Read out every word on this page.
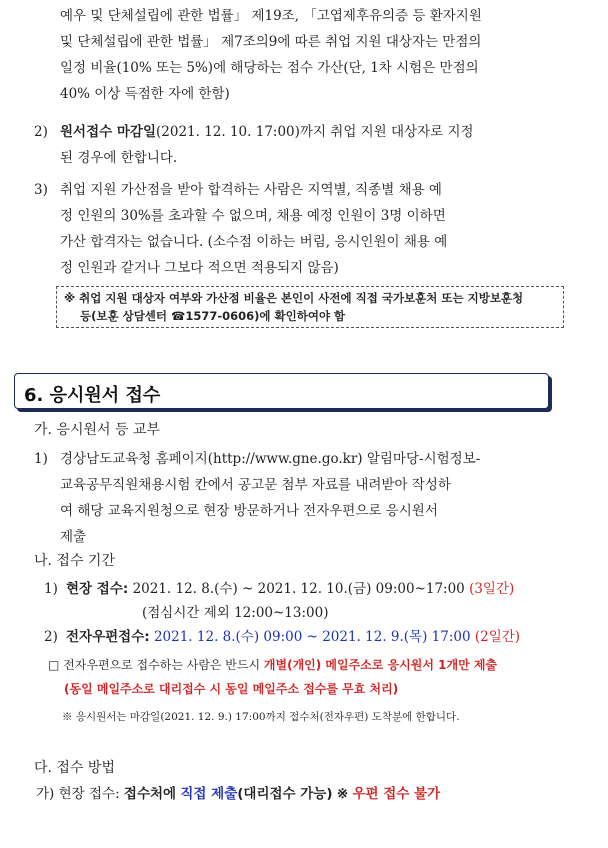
예우 및 단체설립에 관한 법률」 제19조, 「고엽제후유의증 등 환자지원
및 단체설립에 관한 법률」 제7조의9에 따른 취업 지원 대상자는 만점의
일정 비율(10% 또는 5%)에 해당하는 점수 가산(단, 1차 시험은 만점의
40% 이상 득점한 자에 한함)
2) 원서접수 마감일(2021. 12. 10. 17:00)까지 취업 지원 대상자로 지정
된 경우에 한합니다.
3) 취업 지원 가산점을 받아 합격하는 사람은 지역별, 직종별 채용 예
정 인원의 30%를 초과할 수 없으며, 채용 예정 인원이 3명 이하면
가산 합격자는 없습니다. (소수점 이하는 버림, 응시인원이 채용 예
정 인원과 같거나 그보다 적으면 적용되지 않음)
※ 취업 지원 대상자 여부와 가산점 비율은 본인이 사전에 직접 국가보훈처 또는 지방보훈청
등(보훈 상담센터 ☎1577-0606)에 확인하여야 함
6. 응시원서 접수
가. 응시원서 등 교부
1) 경상남도교육청 홈페이지(http://www.gne.go.kr) 알림마당-시험정보-
교육공무직원채용시험 칸에서 공고문 첨부 자료를 내려받아 작성하
여 해당 교육지원청으로 현장 방문하거나 전자우편으로 응시원서
제출
나. 접수 기간
1) 현장 접수: 2021. 12. 8.(수) ~ 2021. 12. 10.(금) 09:00~17:00 (3일간)
(점심시간 제외 12:00~13:00)
2) 전자우편접수: 2021. 12. 8.(수) 09:00 ~ 2021. 12. 9.(목) 17:00 (2일간)
□ 전자우편으로 접수하는 사람은 반드시 개별(개인) 메일주소로 응시원서 1개만 제출
(동일 메일주소로 대리접수 시 동일 메일주소 접수를 무효 처리)
※ 응시원서는 마감일(2021. 12. 9.) 17:00까지 접수처(전자우편) 도착분에 한합니다.
다. 접수 방법
가) 현장 접수: 접수처에 직접 제출(대리접수 가능) ※ 우편 접수 불가
